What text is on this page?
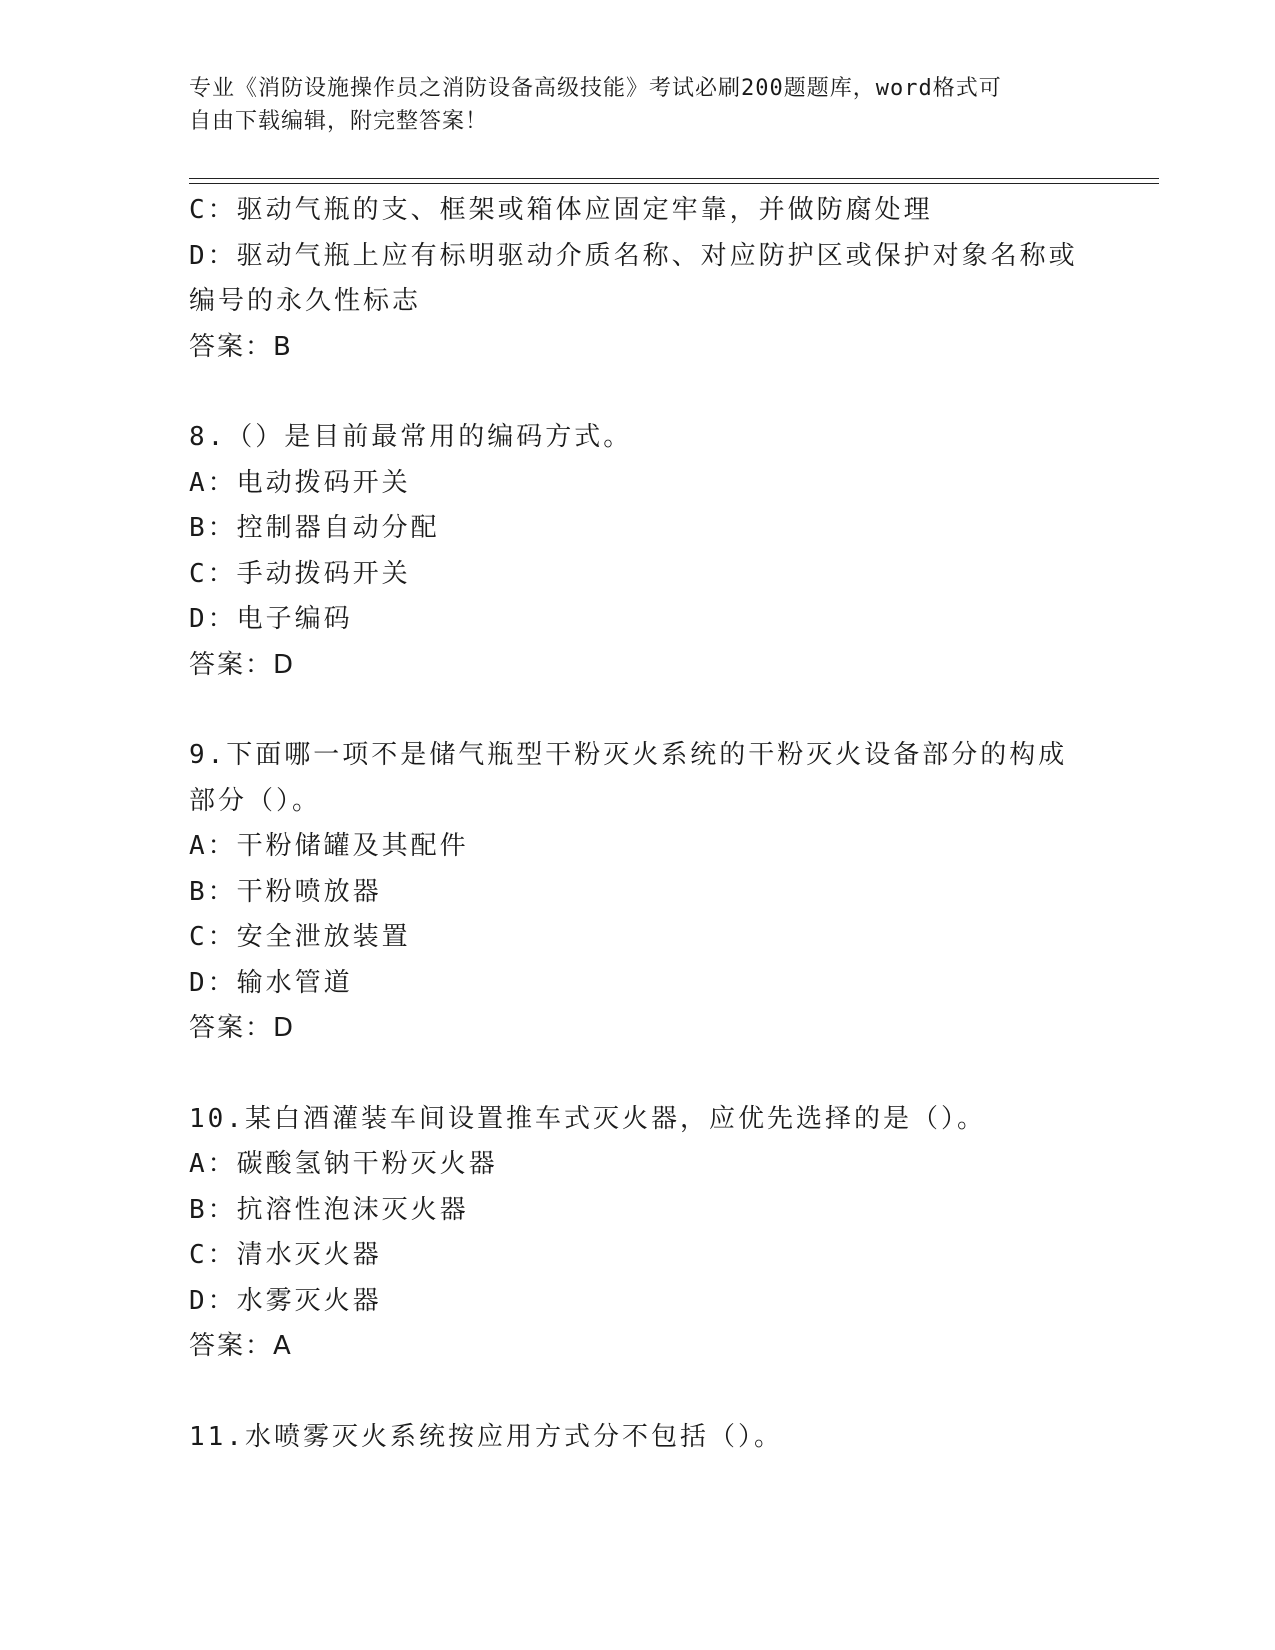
专业《消防设施操作员之消防设备高级技能》考试必刷200题题库，word格式可
自由下载编辑，附完整答案！
C：驱动气瓶的支、框架或箱体应固定牢靠，并做防腐处理
D：驱动气瓶上应有标明驱动介质名称、对应防护区或保护对象名称或
编号的永久性标志
答案：B
8.（）是目前最常用的编码方式。
A：电动拨码开关
B：控制器自动分配
C：手动拨码开关
D：电子编码
答案：D
9.下面哪一项不是储气瓶型干粉灭火系统的干粉灭火设备部分的构成
部分（）。
A：干粉储罐及其配件
B：干粉喷放器
C：安全泄放装置
D：输水管道
答案：D
10.某白酒灌装车间设置推车式灭火器，应优先选择的是（）。
A：碳酸氢钠干粉灭火器
B：抗溶性泡沫灭火器
C：清水灭火器
D：水雾灭火器
答案：A
11.水喷雾灭火系统按应用方式分不包括（）。
